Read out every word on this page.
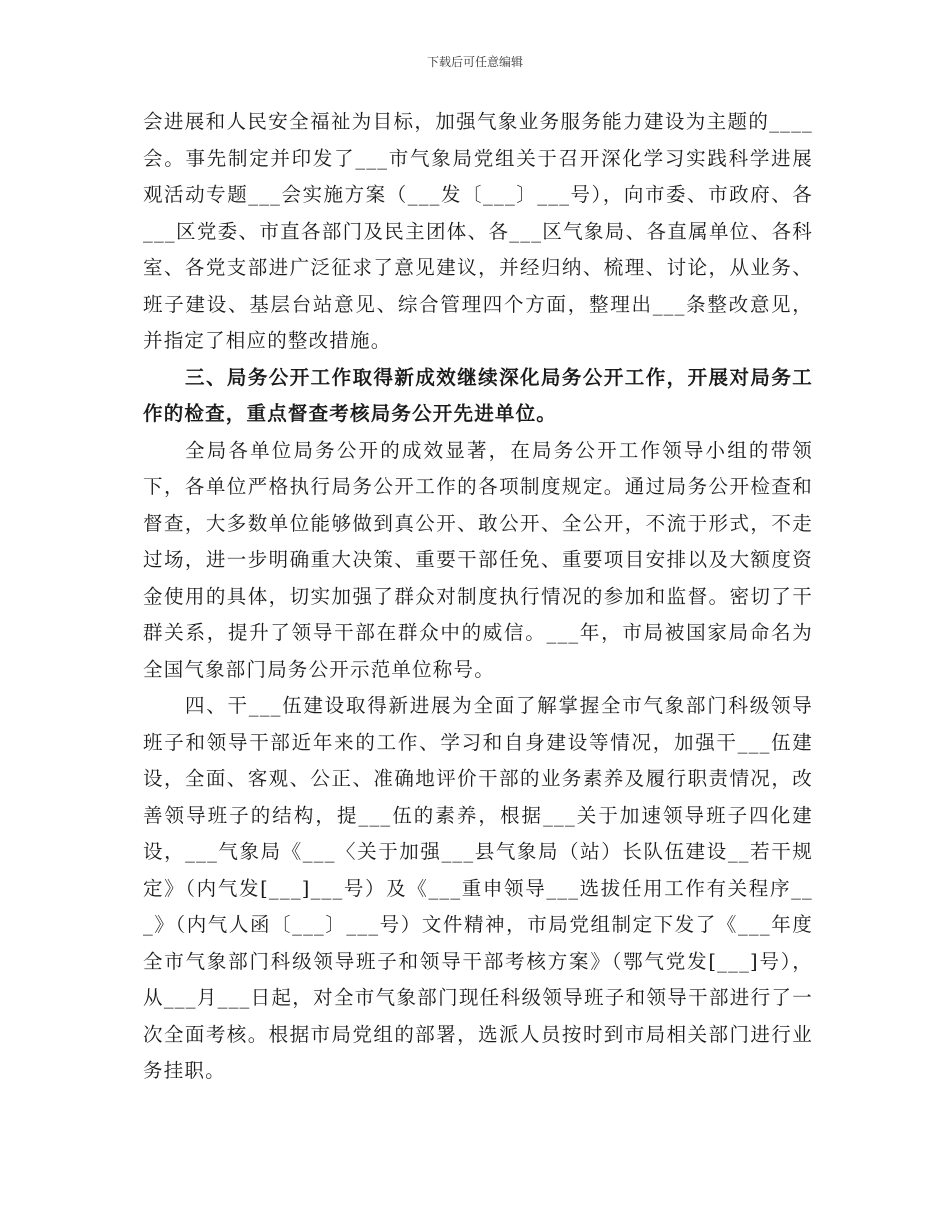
下载后可任意编辑

会进展和人民安全福祉为目标，加强气象业务服务能力建设为主题的____会。事先制定并印发了___市气象局党组关于召开深化学习实践科学进展观活动专题___会实施方案（___发〔___〕___号），向市委、市政府、各___区党委、市直各部门及民主团体、各___区气象局、各直属单位、各科室、各党支部进广泛征求了意见建议，并经归纳、梳理、讨论，从业务、班子建设、基层台站意见、综合管理四个方面，整理出___条整改意见，并指定了相应的整改措施。

三、局务公开工作取得新成效继续深化局务公开工作，开展对局务工作的检查，重点督查考核局务公开先进单位。

全局各单位局务公开的成效显著，在局务公开工作领导小组的带领下，各单位严格执行局务公开工作的各项制度规定。通过局务公开检查和督查，大多数单位能够做到真公开、敢公开、全公开，不流于形式，不走过场，进一步明确重大决策、重要干部任免、重要项目安排以及大额度资金使用的具体，切实加强了群众对制度执行情况的参加和监督。密切了干群关系，提升了领导干部在群众中的威信。___年，市局被国家局命名为全国气象部门局务公开示范单位称号。

四、干___伍建设取得新进展为全面了解掌握全市气象部门科级领导班子和领导干部近年来的工作、学习和自身建设等情况，加强干___伍建设，全面、客观、公正、准确地评价干部的业务素养及履行职责情况，改善领导班子的结构，提___伍的素养，根据___关于加速领导班子四化建设，___气象局《___〈关于加强___县气象局（站）长队伍建设__若干规定》（内气发[___]___号）及《___重申领导___选拔任用工作有关程序___》（内气人函〔___〕___号）文件精神，市局党组制定下发了《___年度全市气象部门科级领导班子和领导干部考核方案》（鄂气党发[___]号），从___月___日起，对全市气象部门现任科级领导班子和领导干部进行了一次全面考核。根据市局党组的部署，选派人员按时到市局相关部门进行业务挂职。
